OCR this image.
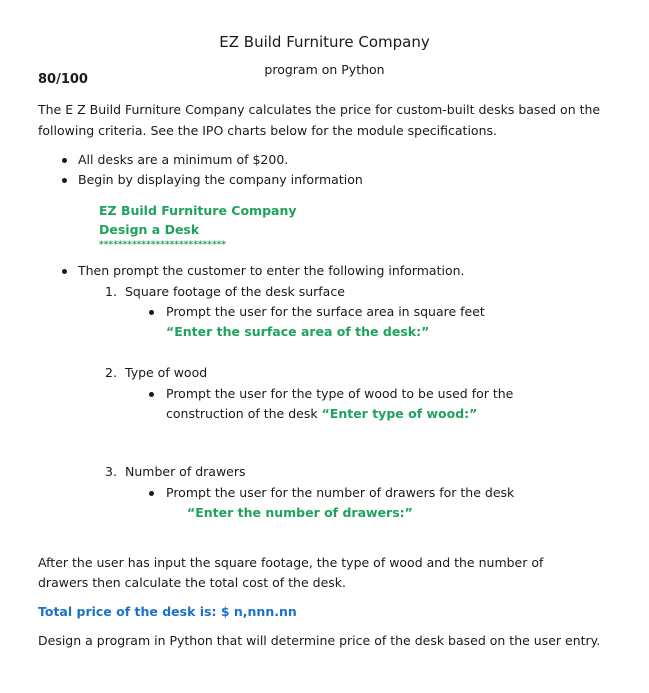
EZ Build Furniture Company
program on Python
80/100
The E Z Build Furniture Company calculates the price for custom-built desks based on the
following criteria. See the IPO charts below for the module specifications.
All desks are a minimum of $200.
Begin by displaying the company information
EZ Build Furniture Company
Design a Desk
***************************
Then prompt the customer to enter the following information.
1. Square footage of the desk surface
Prompt the user for the surface area in square feet
“Enter the surface area of the desk:”
2. Type of wood
Prompt the user for the type of wood to be used for the
construction of the desk “Enter type of wood:”
3. Number of drawers
Prompt the user for the number of drawers for the desk
“Enter the number of drawers:”
After the user has input the square footage, the type of wood and the number of
drawers then calculate the total cost of the desk.
Total price of the desk is: $ n,nnn.nn
Design a program in Python that will determine price of the desk based on the user entry.
